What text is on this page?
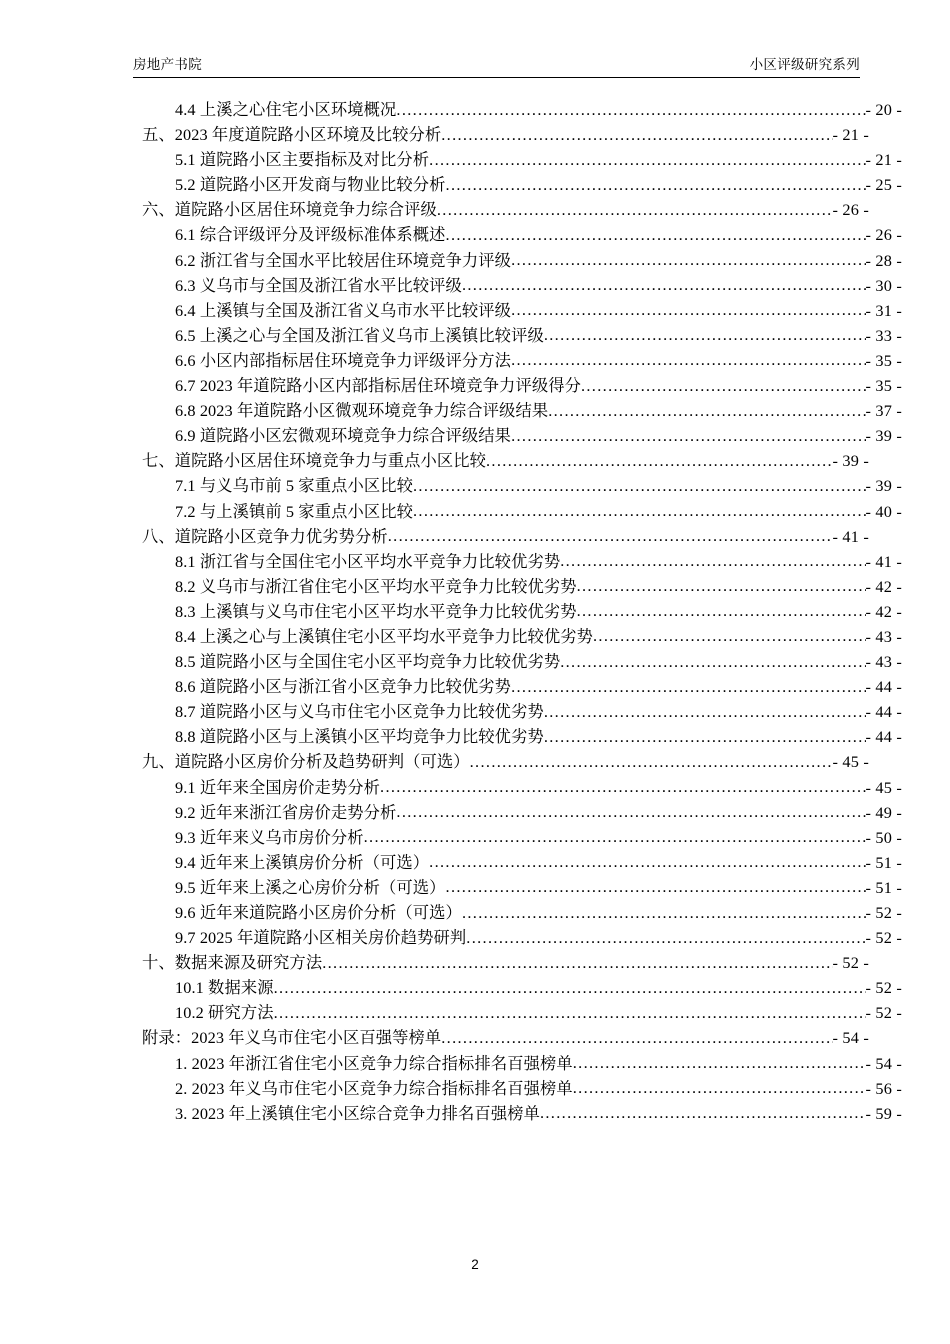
房地产书院	小区评级研究系列
4.4 上溪之心住宅小区环境概况 .....	- 20 -
五、2023 年度道院路小区环境及比较分析 .....	- 21 -
5.1 道院路小区主要指标及对比分析 .....	- 21 -
5.2 道院路小区开发商与物业比较分析 .....	- 25 -
六、道院路小区居住环境竞争力综合评级 .....	- 26 -
6.1 综合评级评分及评级标准体系概述 .....	- 26 -
6.2 浙江省与全国水平比较居住环境竞争力评级 .....	- 28 -
6.3 义乌市与全国及浙江省水平比较评级 .....	- 30 -
6.4 上溪镇与全国及浙江省义乌市水平比较评级 .....	- 31 -
6.5 上溪之心与全国及浙江省义乌市上溪镇比较评级 .....	- 33 -
6.6 小区内部指标居住环境竞争力评级评分方法 .....	- 35 -
6.7 2023 年道院路小区内部指标居住环境竞争力评级得分 .....	- 35 -
6.8 2023 年道院路小区微观环境竞争力综合评级结果 .....	- 37 -
6.9 道院路小区宏微观环境竞争力综合评级结果 .....	- 39 -
七、道院路小区居住环境竞争力与重点小区比较 .....	- 39 -
7.1 与义乌市前 5 家重点小区比较 .....	- 39 -
7.2 与上溪镇前 5 家重点小区比较 .....	- 40 -
八、道院路小区竞争力优劣势分析 .....	- 41 -
8.1 浙江省与全国住宅小区平均水平竞争力比较优劣势 .....	- 41 -
8.2 义乌市与浙江省住宅小区平均水平竞争力比较优劣势 .....	- 42 -
8.3 上溪镇与义乌市住宅小区平均水平竞争力比较优劣势 .....	- 42 -
8.4 上溪之心与上溪镇住宅小区平均水平竞争力比较优劣势 .....	- 43 -
8.5 道院路小区与全国住宅小区平均竞争力比较优劣势 .....	- 43 -
8.6 道院路小区与浙江省小区竞争力比较优劣势 .....	- 44 -
8.7 道院路小区与义乌市住宅小区竞争力比较优劣势 .....	- 44 -
8.8 道院路小区与上溪镇小区平均竞争力比较优劣势 .....	- 44 -
九、道院路小区房价分析及趋势研判（可选） .....	- 45 -
9.1 近年来全国房价走势分析 .....	- 45 -
9.2 近年来浙江省房价走势分析 .....	- 49 -
9.3 近年来义乌市房价分析 .....	- 50 -
9.4 近年来上溪镇房价分析（可选） .....	- 51 -
9.5 近年来上溪之心房价分析（可选） .....	- 51 -
9.6 近年来道院路小区房价分析（可选） .....	- 52 -
9.7 2025 年道院路小区相关房价趋势研判 .....	- 52 -
十、数据来源及研究方法 .....	- 52 -
10.1 数据来源 .....	- 52 -
10.2 研究方法 .....	- 52 -
附录：2023 年义乌市住宅小区百强等榜单 .....	- 54 -
1. 2023 年浙江省住宅小区竞争力综合指标排名百强榜单 .....	- 54 -
2. 2023 年义乌市住宅小区竞争力综合指标排名百强榜单 .....	- 56 -
3. 2023 年上溪镇住宅小区综合竞争力排名百强榜单 .....	- 59 -
2
